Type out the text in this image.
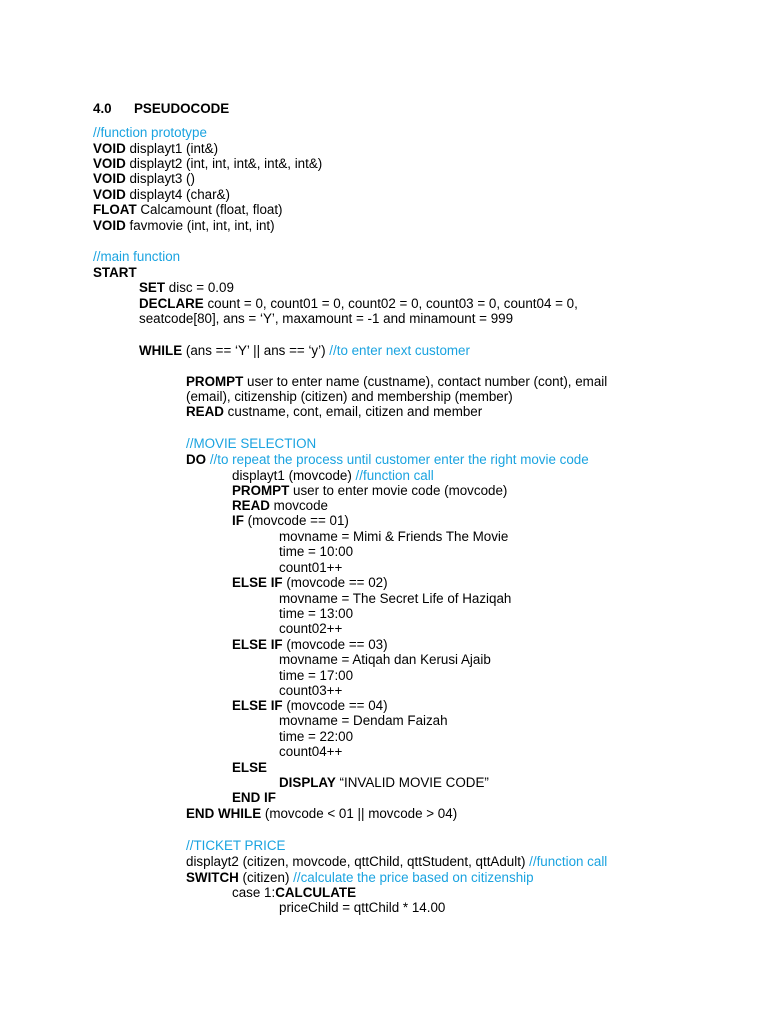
4.0 PSEUDOCODE
//function prototype
VOID displayt1 (int&)
VOID displayt2 (int, int, int&, int&, int&)
VOID displayt3 ()
VOID displayt4 (char&)
FLOAT Calcamount (float, float)
VOID favmovie (int, int, int, int)
//main function
START
SET disc = 0.09
DECLARE count = 0, count01 = 0, count02 = 0, count03 = 0, count04 = 0,
seatcode[80], ans = ‘Y’, maxamount = -1 and minamount = 999
WHILE (ans == ‘Y’ || ans == ‘y’) //to enter next customer
PROMPT user to enter name (custname), contact number (cont), email
(email), citizenship (citizen) and membership (member)
READ custname, cont, email, citizen and member
//MOVIE SELECTION
DO //to repeat the process until customer enter the right movie code
displayt1 (movcode) //function call
PROMPT user to enter movie code (movcode)
READ movcode
IF (movcode == 01)
movname = Mimi & Friends The Movie
time = 10:00
count01++
ELSE IF (movcode == 02)
movname = The Secret Life of Haziqah
time = 13:00
count02++
ELSE IF (movcode == 03)
movname = Atiqah dan Kerusi Ajaib
time = 17:00
count03++
ELSE IF (movcode == 04)
movname = Dendam Faizah
time = 22:00
count04++
ELSE
DISPLAY “INVALID MOVIE CODE”
END IF
END WHILE (movcode < 01 || movcode > 04)
//TICKET PRICE
displayt2 (citizen, movcode, qttChild, qttStudent, qttAdult) //function call
SWITCH (citizen) //calculate the price based on citizenship
case 1:CALCULATE
priceChild = qttChild * 14.00
